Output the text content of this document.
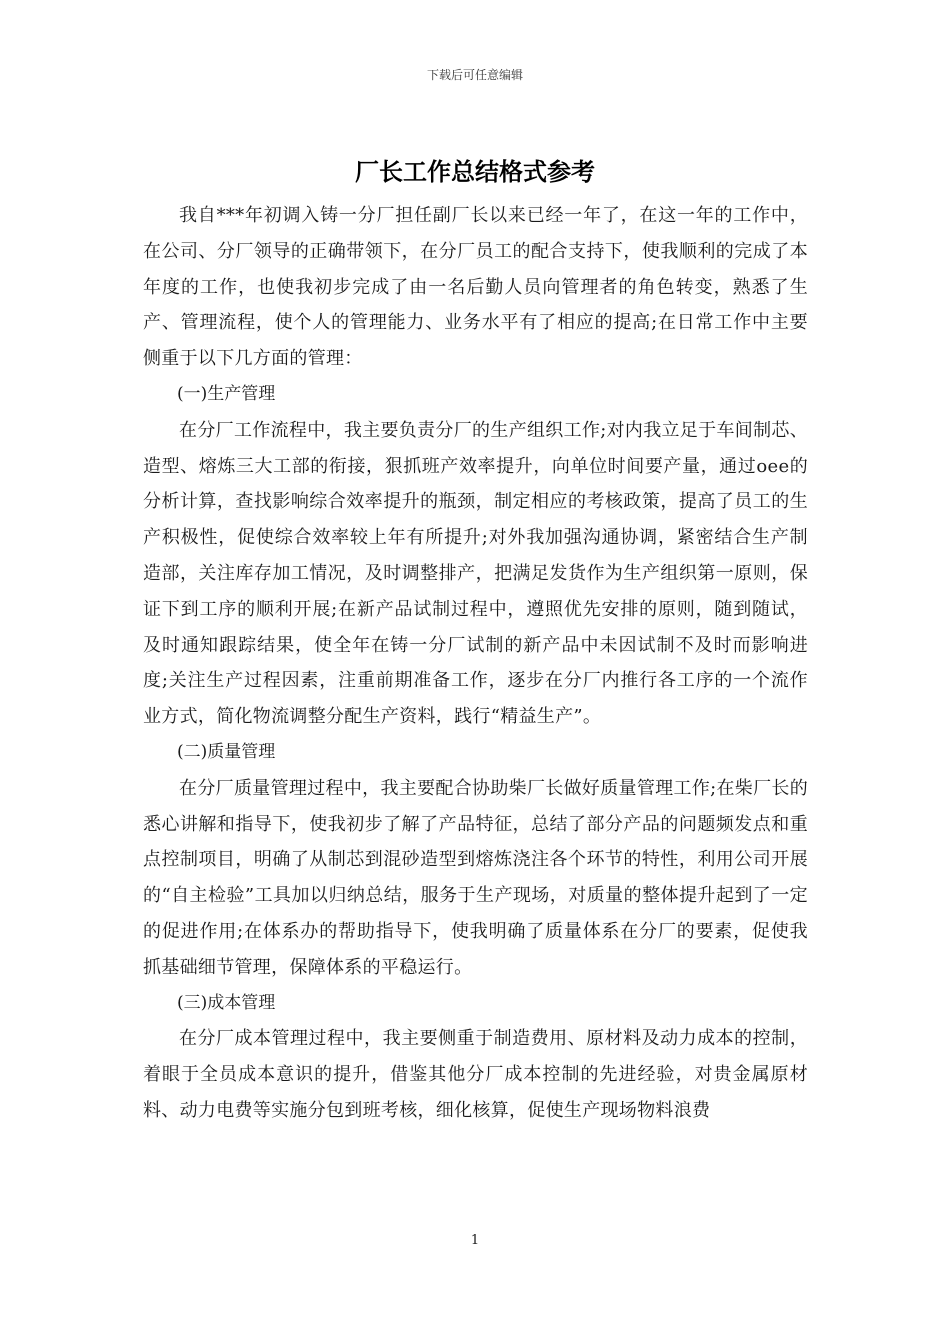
下载后可任意编辑
厂长工作总结格式参考

我自***年初调入铸一分厂担任副厂长以来已经一年了，在这一年的工作中，在公司、分厂领导的正确带领下，在分厂员工的配合支持下，使我顺利的完成了本年度的工作，也使我初步完成了由一名后勤人员向管理者的角色转变，熟悉了生产、管理流程，使个人的管理能力、业务水平有了相应的提高;在日常工作中主要侧重于以下几方面的管理：

(一)生产管理

在分厂工作流程中，我主要负责分厂的生产组织工作;对内我立足于车间制芯、造型、熔炼三大工部的衔接，狠抓班产效率提升，向单位时间要产量，通过oee的分析计算，查找影响综合效率提升的瓶颈，制定相应的考核政策，提高了员工的生产积极性，促使综合效率较上年有所提升;对外我加强沟通协调，紧密结合生产制造部，关注库存加工情况，及时调整排产，把满足发货作为生产组织第一原则，保证下到工序的顺利开展;在新产品试制过程中，遵照优先安排的原则，随到随试，及时通知跟踪结果，使全年在铸一分厂试制的新产品中未因试制不及时而影响进度;关注生产过程因素，注重前期准备工作，逐步在分厂内推行各工序的一个流作业方式，简化物流调整分配生产资料，践行“精益生产”。

(二)质量管理

在分厂质量管理过程中，我主要配合协助柴厂长做好质量管理工作;在柴厂长的悉心讲解和指导下，使我初步了解了产品特征，总结了部分产品的问题频发点和重点控制项目，明确了从制芯到混砂造型到熔炼浇注各个环节的特性，利用公司开展的“自主检验”工具加以归纳总结，服务于生产现场，对质量的整体提升起到了一定的促进作用;在体系办的帮助指导下，使我明确了质量体系在分厂的要素，促使我抓基础细节管理，保障体系的平稳运行。

(三)成本管理

在分厂成本管理过程中，我主要侧重于制造费用、原材料及动力成本的控制，着眼于全员成本意识的提升，借鉴其他分厂成本控制的先进经验，对贵金属原材料、动力电费等实施分包到班考核，细化核算，促使生产现场物料浪费

1
